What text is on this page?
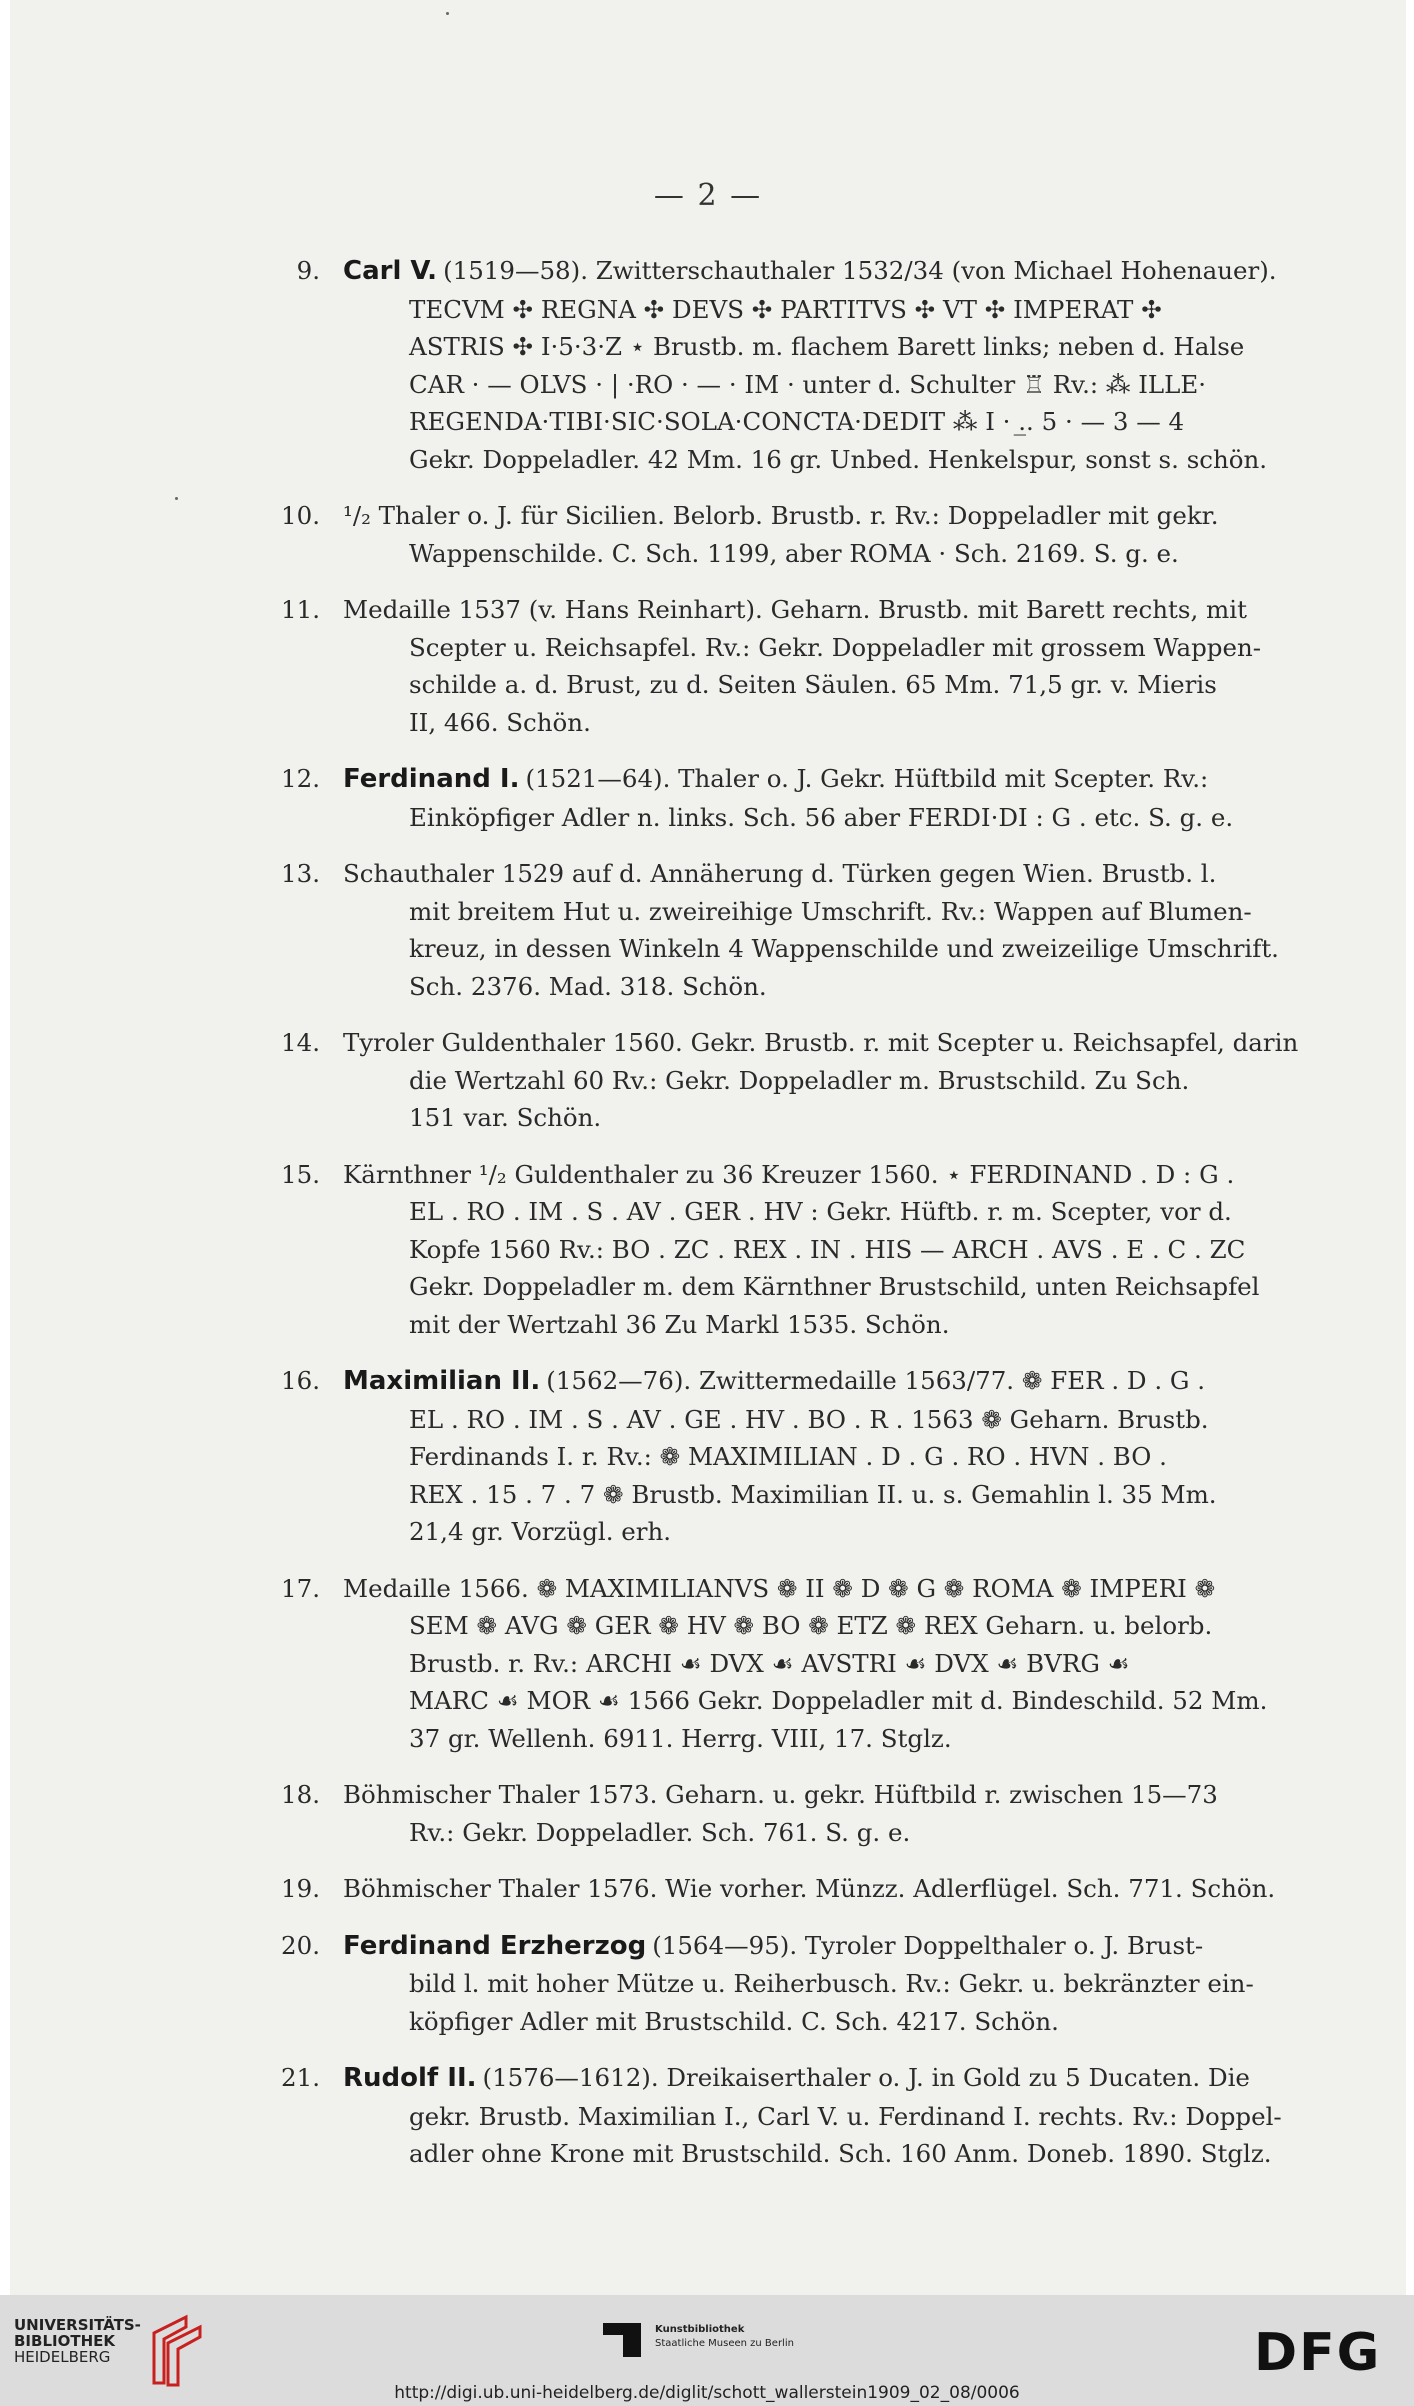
— 2 —
9. Carl V. (1519—58). Zwitterschauthaler 1532/34 (von Michael Hohenauer).
TECVM ✣ REGNA ✣ DEVS ✣ PARTITVS ✣ VT ✣ IMPERAT ✣
ASTRIS ✣ I·5·3·Z ⋆ Brustb. m. flachem Barett links; neben d. Halse
CAR · — OLVS · | ·RO · — · IM · unter d. Schulter ♖ Rv.: ⁂ ILLE·
REGENDA·TIBI·SIC·SOLA·CONCTA·DEDIT ⁂ I · .̲. 5 · — 3 — 4
Gekr. Doppeladler. 42 Mm. 16 gr. Unbed. Henkelspur, sonst s. schön.
10. ¹/₂ Thaler o. J. für Sicilien. Belorb. Brustb. r. Rv.: Doppeladler mit gekr.
Wappenschilde. C. Sch. 1199, aber ROMA · Sch. 2169. S. g. e.
11. Medaille 1537 (v. Hans Reinhart). Geharn. Brustb. mit Barett rechts, mit
Scepter u. Reichsapfel. Rv.: Gekr. Doppeladler mit grossem Wappen-
schilde a. d. Brust, zu d. Seiten Säulen. 65 Mm. 71,5 gr. v. Mieris
II, 466. Schön.
12. Ferdinand I. (1521—64). Thaler o. J. Gekr. Hüftbild mit Scepter. Rv.:
Einköpfiger Adler n. links. Sch. 56 aber FERDI·DI : G . etc. S. g. e.
13. Schauthaler 1529 auf d. Annäherung d. Türken gegen Wien. Brustb. l.
mit breitem Hut u. zweireihige Umschrift. Rv.: Wappen auf Blumen-
kreuz, in dessen Winkeln 4 Wappenschilde und zweizeilige Umschrift.
Sch. 2376. Mad. 318. Schön.
14. Tyroler Guldenthaler 1560. Gekr. Brustb. r. mit Scepter u. Reichsapfel, darin
die Wertzahl 60 Rv.: Gekr. Doppeladler m. Brustschild. Zu Sch.
151 var. Schön.
15. Kärnthner ¹/₂ Guldenthaler zu 36 Kreuzer 1560. ⋆ FERDINAND . D : G .
EL . RO . IM . S . AV . GER . HV : Gekr. Hüftb. r. m. Scepter, vor d.
Kopfe 1560 Rv.: BO . ZC . REX . IN . HIS — ARCH . AVS . E . C . ZC
Gekr. Doppeladler m. dem Kärnthner Brustschild, unten Reichsapfel
mit der Wertzahl 36 Zu Markl 1535. Schön.
16. Maximilian II. (1562—76). Zwittermedaille 1563/77. ❁ FER . D . G .
EL . RO . IM . S . AV . GE . HV . BO . R . 1563 ❁ Geharn. Brustb.
Ferdinands I. r. Rv.: ❁ MAXIMILIAN . D . G . RO . HVN . BO .
REX . 15 . 7 . 7 ❁ Brustb. Maximilian II. u. s. Gemahlin l. 35 Mm.
21,4 gr. Vorzügl. erh.
17. Medaille 1566. ❁ MAXIMILIANVS ❁ II ❁ D ❁ G ❁ ROMA ❁ IMPERI ❁
SEM ❁ AVG ❁ GER ❁ HV ❁ BO ❁ ETZ ❁ REX Geharn. u. belorb.
Brustb. r. Rv.: ARCHI ☙ DVX ☙ AVSTRI ☙ DVX ☙ BVRG ☙
MARC ☙ MOR ☙ 1566 Gekr. Doppeladler mit d. Bindeschild. 52 Mm.
37 gr. Wellenh. 6911. Herrg. VIII, 17. Stglz.
18. Böhmischer Thaler 1573. Geharn. u. gekr. Hüftbild r. zwischen 15—73
Rv.: Gekr. Doppeladler. Sch. 761. S. g. e.
19. Böhmischer Thaler 1576. Wie vorher. Münzz. Adlerflügel. Sch. 771. Schön.
20. Ferdinand Erzherzog (1564—95). Tyroler Doppelthaler o. J. Brust-
bild l. mit hoher Mütze u. Reiherbusch. Rv.: Gekr. u. bekränzter ein-
köpfiger Adler mit Brustschild. C. Sch. 4217. Schön.
21. Rudolf II. (1576—1612). Dreikaiserthaler o. J. in Gold zu 5 Ducaten. Die
gekr. Brustb. Maximilian I., Carl V. u. Ferdinand I. rechts. Rv.: Doppel-
adler ohne Krone mit Brustschild. Sch. 160 Anm. Doneb. 1890. Stglz.
UNIVERSITÄTS-
BIBLIOTHEK
HEIDELBERG
Kunstbibliothek
Staatliche Museen zu Berlin	DFG
http://digi.ub.uni-heidelberg.de/diglit/schott_wallerstein1909_02_08/0006
